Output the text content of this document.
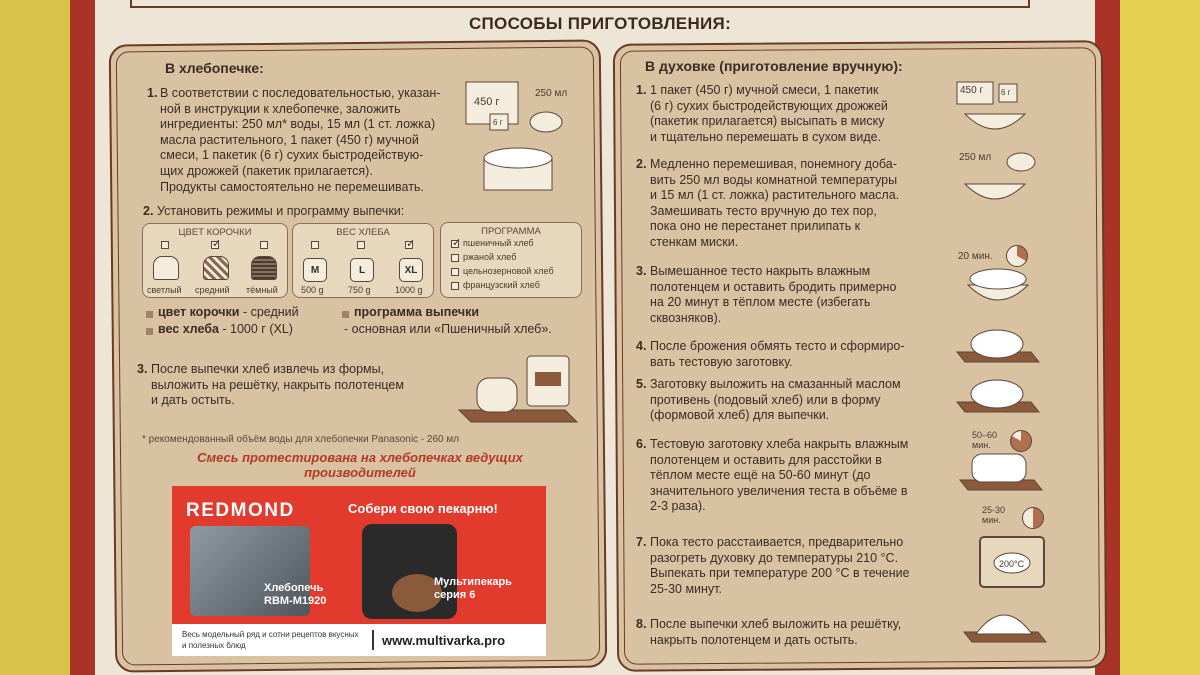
СПОСОБЫ ПРИГОТОВЛЕНИЯ:
В хлебопечке:
1. В соответствии с последовательностью, указан-
ной в инструкции к хлебопечке, заложить
ингредиенты: 250 мл* воды, 15 мл (1 ст. ложка)
масла растительного, 1 пакет (450 г) мучной
смеси, 1 пакетик (6 г) сухих быстродействую-
щих дрожжей (пакетик прилагается).
Продукты самостоятельно не перемешивать.
450 г
250 мл
6 г
2. Установить режимы и программу выпечки:
ЦВЕТ КОРОЧКИ
✓
светлый средний тёмный
ВЕС ХЛЕБА
✓
M	L	XL
500 g	750 g	1000 g
ПРОГРАММА
✓
пшеничный хлеб
ржаной хлеб
цельнозерновой хлеб
французский хлеб
цвет корочки - средний
вес хлеба - 1000 г (XL)
программа выпечки
- основная или «Пшеничный хлеб».
3. После выпечки хлеб извлечь из формы,
выложить на решётку, накрыть полотенцем
и дать остыть.
* рекомендованный объём воды для хлебопечки Panasonic - 260 мл
Смесь протестирована на хлебопечках ведущих
производителей
REDMOND	Собери свою пекарню!
Хлебопечь
RBM-M1920
Мультипекарь
серия 6
Весь модельный ряд и сотни рецептов вкусных и полезных блюд	www.multivarka.pro
В духовке (приготовление вручную):
1. 1 пакет (450 г) мучной смеси, 1 пакетик
(6 г) сухих быстродействующих дрожжей
(пакетик прилагается) высыпать в миску
и тщательно перемешать в сухом виде.
2. Медленно перемешивая, понемногу доба-
вить 250 мл воды комнатной температуры
и 15 мл (1 ст. ложка) растительного масла.
Замешивать тесто вручную до тех пор,
пока оно не перестанет прилипать к
стенкам миски.
3. Вымешанное тесто накрыть влажным
полотенцем и оставить бродить примерно
на 20 минут в тёплом месте (избегать
сквозняков).
4. После брожения обмять тесто и сформиро-
вать тестовую заготовку.
5. Заготовку выложить на смазанный маслом
противень (подовый хлеб) или в форму
(формовой хлеб) для выпечки.
6. Тестовую заготовку хлеба накрыть влажным
полотенцем и оставить для расстойки в
тёплом месте ещё на 50-60 минут (до
значительного увеличения теста в объёме в
2-3 раза).
7. Пока тесто расстаивается, предварительно
разогреть духовку до температуры 210 °С.
Выпекать при температуре 200 °С в течение
25-30 минут.
8. После выпечки хлеб выложить на решётку,
накрыть полотенцем и дать остыть.
450 г 6 г
250 мл
20 мин.
50–60
мин.
25-30
мин.
200°С
